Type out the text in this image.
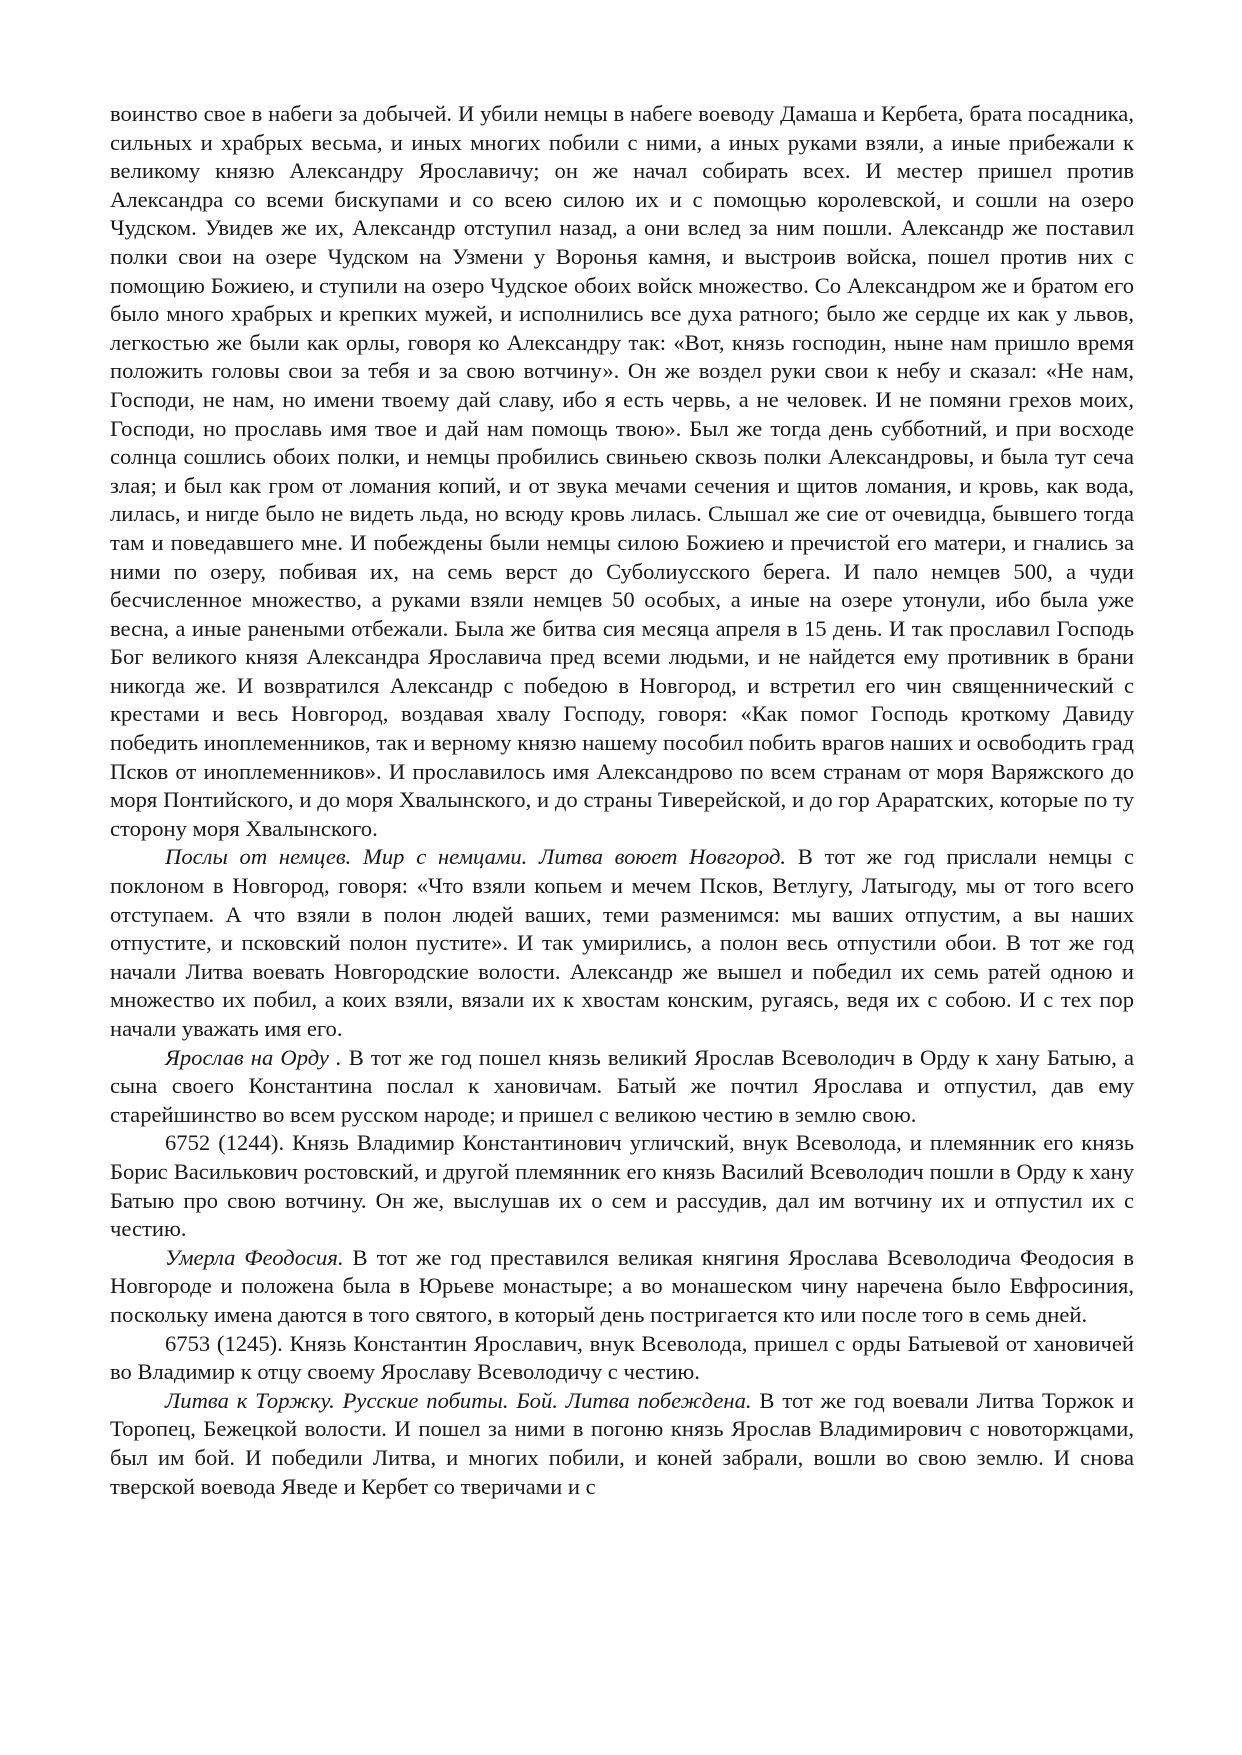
воинство свое в набеги за добычей. И убили немцы в набеге воеводу Дамаша и Кербета, брата посадника, сильных и храбрых весьма, и иных многих побили с ними, а иных руками взяли, а иные прибежали к великому князю Александру Ярославичу; он же начал собирать всех. И местер пришел против Александра со всеми бискупами и со всею силою их и с помощью королевской, и сошли на озеро Чудском. Увидев же их, Александр отступил назад, а они вслед за ним пошли. Александр же поставил полки свои на озере Чудском на Узмени у Воронья камня, и выстроив войска, пошел против них с помощию Божиею, и ступили на озеро Чудское обоих войск множество. Со Александром же и братом его было много храбрых и крепких мужей, и исполнились все духа ратного; было же сердце их как у львов, легкостью же были как орлы, говоря ко Александру так: «Вот, князь господин, ныне нам пришло время положить головы свои за тебя и за свою вотчину». Он же воздел руки свои к небу и сказал: «Не нам, Господи, не нам, но имени твоему дай славу, ибо я есть червь, а не человек. И не помяни грехов моих, Господи, но прославь имя твое и дай нам помощь твою». Был же тогда день субботний, и при восходе солнца сошлись обоих полки, и немцы пробились свиньею сквозь полки Александровы, и была тут сеча злая; и был как гром от ломания копий, и от звука мечами сечения и щитов ломания, и кровь, как вода, лилась, и нигде было не видеть льда, но всюду кровь лилась. Слышал же сие от очевидца, бывшего тогда там и поведавшего мне. И побеждены были немцы силою Божиею и пречистой его матери, и гнались за ними по озеру, побивая их, на семь верст до Суболиусского берега. И пало немцев 500, а чуди бесчисленное множество, а руками взяли немцев 50 особых, а иные на озере утонули, ибо была уже весна, а иные ранеными отбежали. Была же битва сия месяца апреля в 15 день. И так прославил Господь Бог великого князя Александра Ярославича пред всеми людьми, и не найдется ему противник в брани никогда же. И возвратился Александр с победою в Новгород, и встретил его чин священнический с крестами и весь Новгород, воздавая хвалу Господу, говоря: «Как помог Господь кроткому Давиду победить иноплеменников, так и верному князю нашему пособил побить врагов наших и освободить град Псков от иноплеменников». И прославилось имя Александрово по всем странам от моря Варяжского до моря Понтийского, и до моря Хвалынского, и до страны Тиверейской, и до гор Араратских, которые по ту сторону моря Хвалынского.

Послы от немцев. Мир с немцами. Литва воюет Новгород. В тот же год прислали немцы с поклоном в Новгород, говоря: «Что взяли копьем и мечем Псков, Ветлугу, Латыгоду, мы от того всего отступаем. А что взяли в полон людей ваших, теми разменимся: мы ваших отпустим, а вы наших отпустите, и псковский полон пустите». И так умирились, а полон весь отпустили обои. В тот же год начали Литва воевать Новгородские волости. Александр же вышел и победил их семь ратей одною и множество их побил, а коих взяли, вязали их к хвостам конским, ругаясь, ведя их с собою. И с тех пор начали уважать имя его.

Ярослав на Орду . В тот же год пошел князь великий Ярослав Всеволодич в Орду к хану Батыю, а сына своего Константина послал к хановичам. Батый же почтил Ярослава и отпустил, дав ему старейшинство во всем русском народе; и пришел с великою честию в землю свою.

6752 (1244). Князь Владимир Константинович угличский, внук Всеволода, и племянник его князь Борис Василькович ростовский, и другой племянник его князь Василий Всеволодич пошли в Орду к хану Батыю про свою вотчину. Он же, выслушав их о сем и рассудив, дал им вотчину их и отпустил их с честию.

Умерла Феодосия. В тот же год преставился великая княгиня Ярослава Всеволодича Феодосия в Новгороде и положена была в Юрьеве монастыре; а во монашеском чину наречена было Евфросиния, поскольку имена даются в того святого, в который день постригается кто или после того в семь дней.

6753 (1245). Князь Константин Ярославич, внук Всеволода, пришел с орды Батыевой от хановичей во Владимир к отцу своему Ярославу Всеволодичу с честию.

Литва к Торжку. Русские побиты. Бой. Литва побеждена. В тот же год воевали Литва Торжок и Торопец, Бежецкой волости. И пошел за ними в погоню князь Ярослав Владимирович с новоторжцами, был им бой. И победили Литва, и многих побили, и коней забрали, вошли во свою землю. И снова тверской воевода Яведе и Кербет со тверичами и с
